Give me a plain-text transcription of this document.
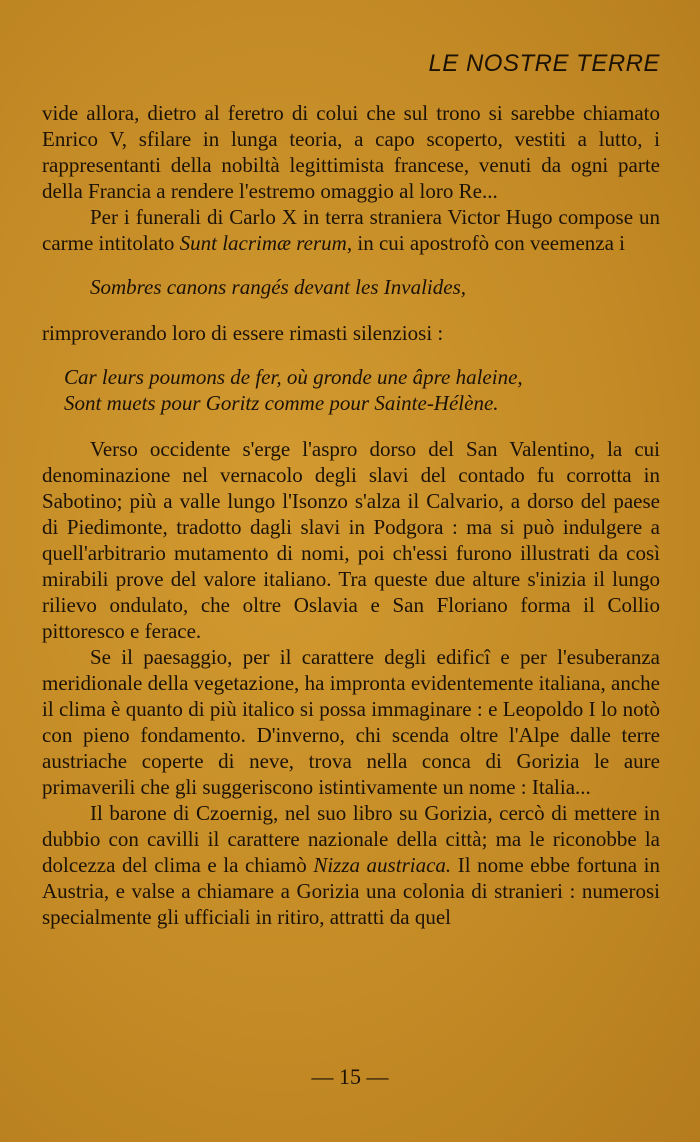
LE NOSTRE TERRE

vide allora, dietro al feretro di colui che sul trono si sarebbe chiamato Enrico V, sfilare in lunga teoria, a capo scoperto, vestiti a lutto, i rappresentanti della nobiltà legittimista francese, venuti da ogni parte della Francia a rendere l'estremo omaggio al loro Re...

Per i funerali di Carlo X in terra straniera Victor Hugo compose un carme intitolato Sunt lacrimæ rerum, in cui apostrofò con veemenza i

Sombres canons rangés devant les Invalides,

rimproverando loro di essere rimasti silenziosi :

Car leurs poumons de fer, où gronde une âpre haleine,
Sont muets pour Goritz comme pour Sainte-Hélène.

Verso occidente s'erge l'aspro dorso del San Valentino, la cui denominazione nel vernacolo degli slavi del contado fu corrotta in Sabotino; più a valle lungo l'Isonzo s'alza il Calvario, a dorso del paese di Piedimonte, tradotto dagli slavi in Podgora : ma si può indulgere a quell'arbitrario mutamento di nomi, poi ch'essi furono illustrati da così mirabili prove del valore italiano. Tra queste due alture s'inizia il lungo rilievo ondulato, che oltre Oslavia e San Floriano forma il Collio pittoresco e ferace.

Se il paesaggio, per il carattere degli edificî e per l'esuberanza meridionale della vegetazione, ha impronta evidentemente italiana, anche il clima è quanto di più italico si possa immaginare : e Leopoldo I lo notò con pieno fondamento. D'inverno, chi scenda oltre l'Alpe dalle terre austriache coperte di neve, trova nella conca di Gorizia le aure primaverili che gli suggeriscono istintivamente un nome : Italia...

Il barone di Czoernig, nel suo libro su Gorizia, cercò di mettere in dubbio con cavilli il carattere nazionale della città; ma le riconobbe la dolcezza del clima e la chiamò Nizza austriaca. Il nome ebbe fortuna in Austria, e valse a chiamare a Gorizia una colonia di stranieri : numerosi specialmente gli ufficiali in ritiro, attratti da quel

— 15 —
